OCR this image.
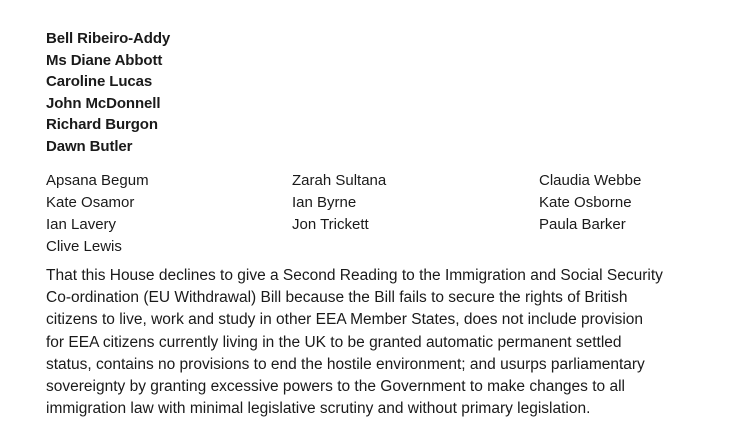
Bell Ribeiro-Addy
Ms Diane Abbott
Caroline Lucas
John McDonnell
Richard Burgon
Dawn Butler
Apsana Begum
Kate Osamor
Ian Lavery
Clive Lewis
Zarah Sultana
Ian Byrne
Jon Trickett
Claudia Webbe
Kate Osborne
Paula Barker

That this House declines to give a Second Reading to the Immigration and Social Security
Co-ordination (EU Withdrawal) Bill because the Bill fails to secure the rights of British
citizens to live, work and study in other EEA Member States, does not include provision
for EEA citizens currently living in the UK to be granted automatic permanent settled
status, contains no provisions to end the hostile environment; and usurps parliamentary
sovereignty by granting excessive powers to the Government to make changes to all
immigration law with minimal legislative scrutiny and without primary legislation.
